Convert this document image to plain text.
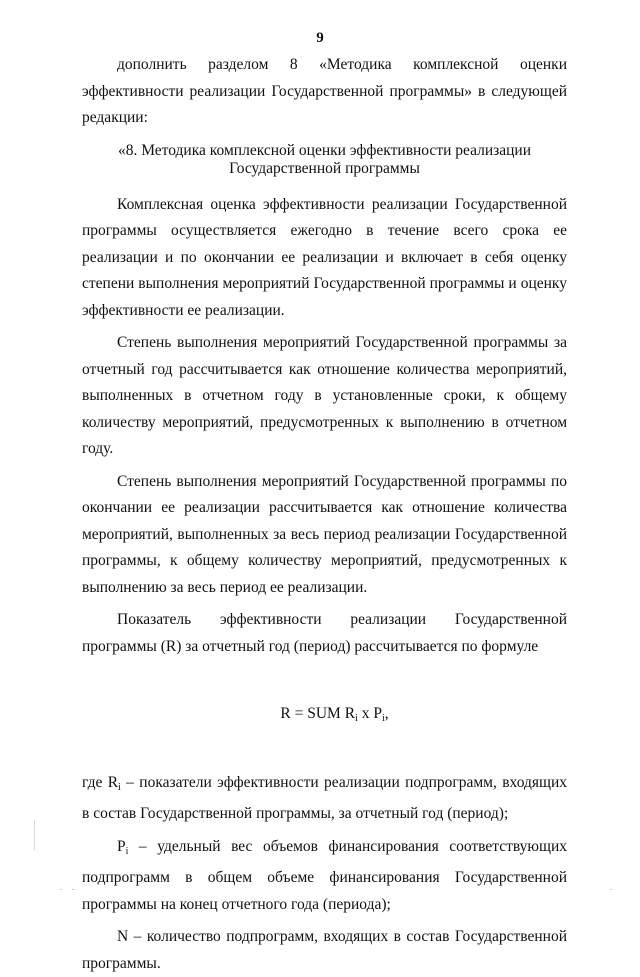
9

дополнить разделом 8 «Методика комплексной оценки эффективности реализации Государственной программы» в следующей редакции:

«8. Методика комплексной оценки эффективности реализации
Государственной программы

Комплексная оценка эффективности реализации Государственной программы осуществляется ежегодно в течение всего срока ее реализации и по окончании ее реализации и включает в себя оценку степени выполнения мероприятий Государственной программы и оценку эффективности ее реализации.

Степень выполнения мероприятий Государственной программы за отчетный год рассчитывается как отношение количества мероприятий, выполненных в отчетном году в установленные сроки, к общему количеству мероприятий, предусмотренных к выполнению в отчетном году.

Степень выполнения мероприятий Государственной программы по окончании ее реализации рассчитывается как отношение количества мероприятий, выполненных за весь период реализации Государственной программы, к общему количеству мероприятий, предусмотренных к выполнению за весь период ее реализации.

Показатель эффективности реализации Государственной программы (R) за отчетный год (период) рассчитывается по формуле

R = SUM $R_i$ x $P_i$,

где $R_i$ – показатели эффективности реализации подпрограмм, входящих в состав Государственной программы, за отчетный год (период);

$P_i$ – удельный вес объемов финансирования соответствующих подпрограмм в общем объеме финансирования Государственной программы на конец отчетного года (периода);

N – количество подпрограмм, входящих в состав Государственной программы.
